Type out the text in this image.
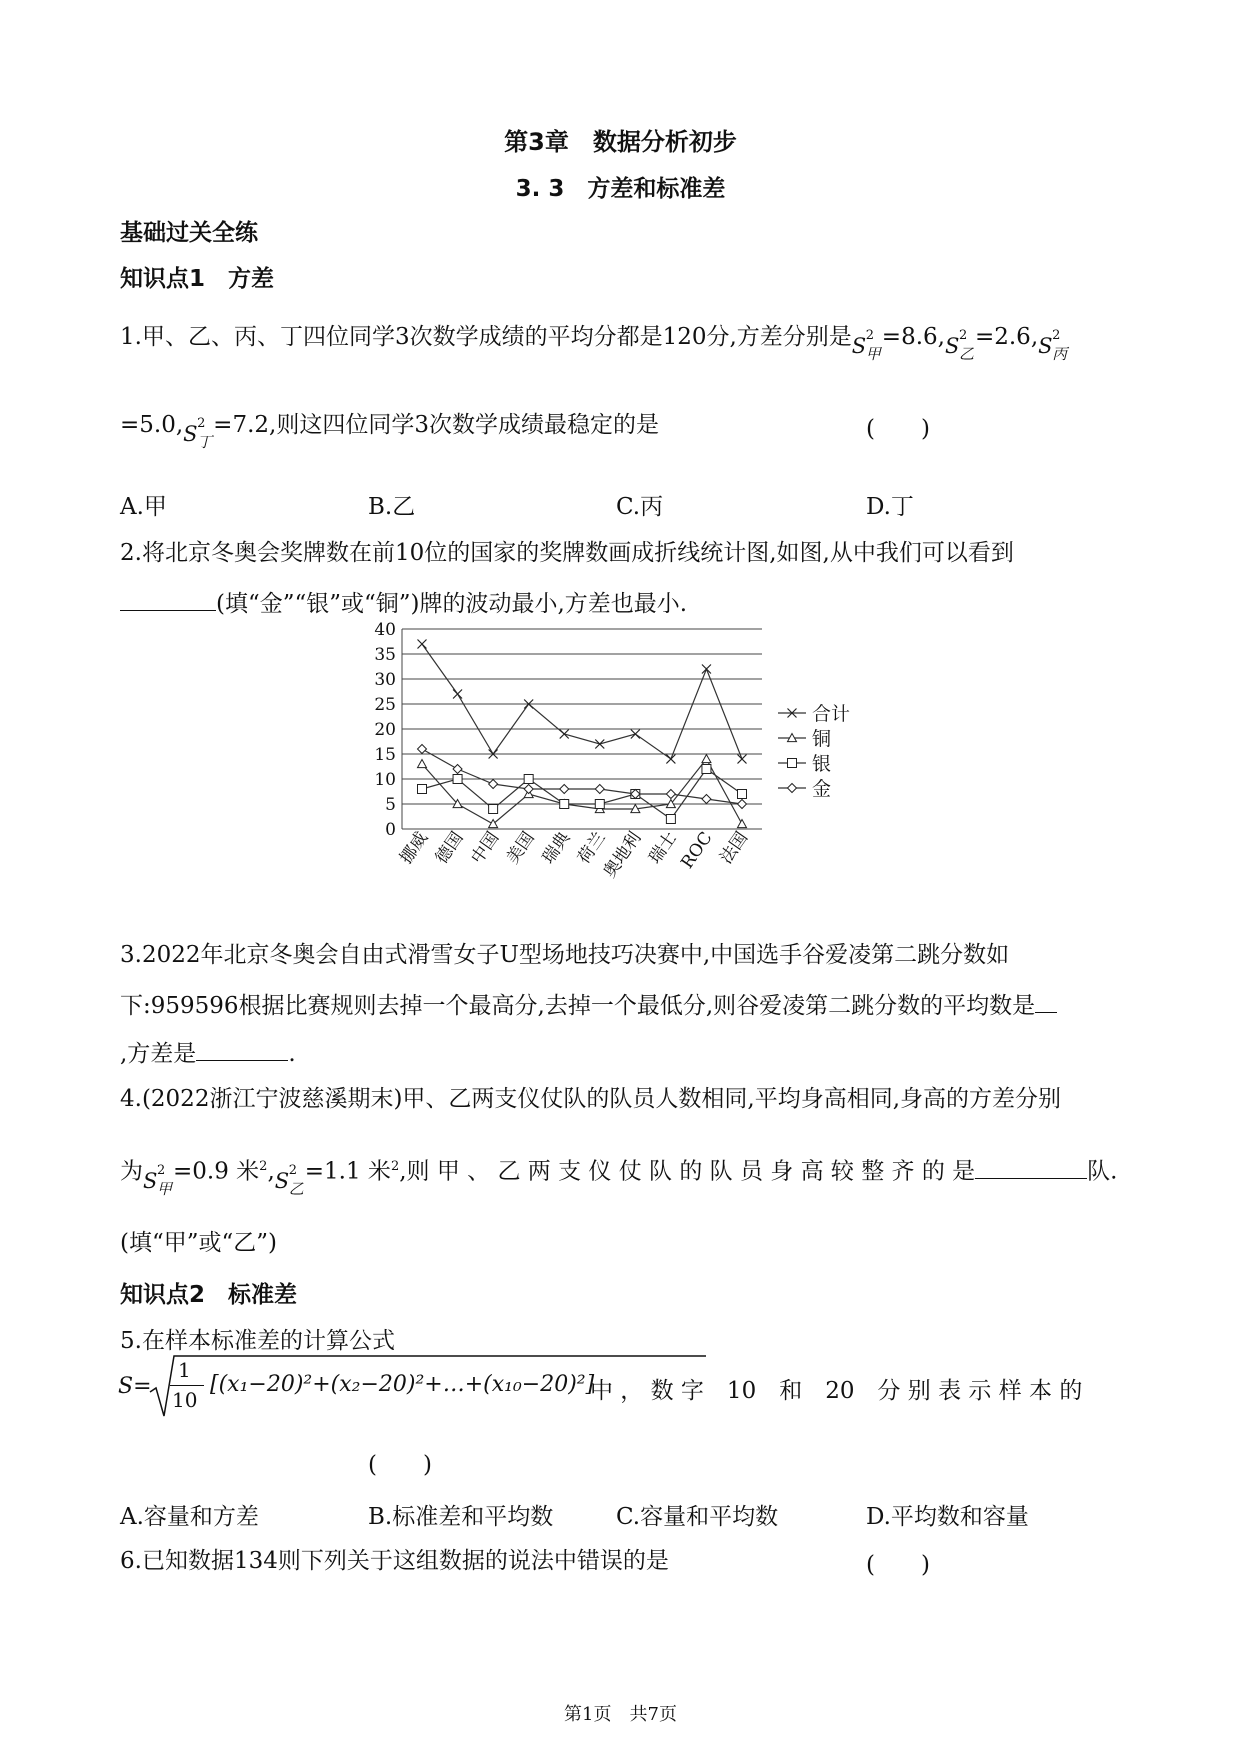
第3章　数据分析初步
3. 3　方差和标准差
基础过关全练
知识点1　方差
1.甲、乙、丙、丁四位同学3次数学成绩的平均分都是120分,方差分别是 S 2
甲
=8.6, S 2
乙
=2.6, S 2
丙
=5.0, S 2
丁
=7.2,则这四位同学3次数学成绩最稳定的是	(　　)
A.甲	B.乙	C.丙	D.丁
2.将北京冬奥会奖牌数在前10位的国家的奖牌数画成折线统计图,如图,从中我们可以看到
(填“金”“银”或“铜”)牌的波动最小,方差也最小.
0
5
10
15
20
25
30
35
40
挪威 德国 中国 美国 瑞典 荷兰
奥地利 瑞士
ROC 法国
合计
铜
银
金
3.2022年北京冬奥会自由式滑雪女子U型场地技巧决赛中,中国选手谷爱凌第二跳分数如
下:959596根据比赛规则去掉一个最高分,去掉一个最低分,则谷爱凌第二跳分数的平均数是
,方差是	.
4.(2022浙江宁波慈溪期末)甲、乙两支仪仗队的队员人数相同,平均身高相同,身高的方差分别
为 S 2
甲
=0.9 米$^2$, S 2
乙
=1.1 米$^2$,则 甲 、 乙 两 支 仪 仗 队 的 队 员 身 高 较 整 齐 的 是	队.
(填“甲”或“乙”)
知识点2　标准差
5.在样本标准差的计算公式
S=
1
10
[(x₁−20)²+(x₂−20)²+…+(x₁₀−20)²]
中 ， 数 字　10　和　20　分 别 表 示 样 本 的
(　　)
A.容量和方差	B.标准差和平均数	C.容量和平均数	D.平均数和容量
6.已知数据134则下列关于这组数据的说法中错误的是	(　　)
第1页　共7页
